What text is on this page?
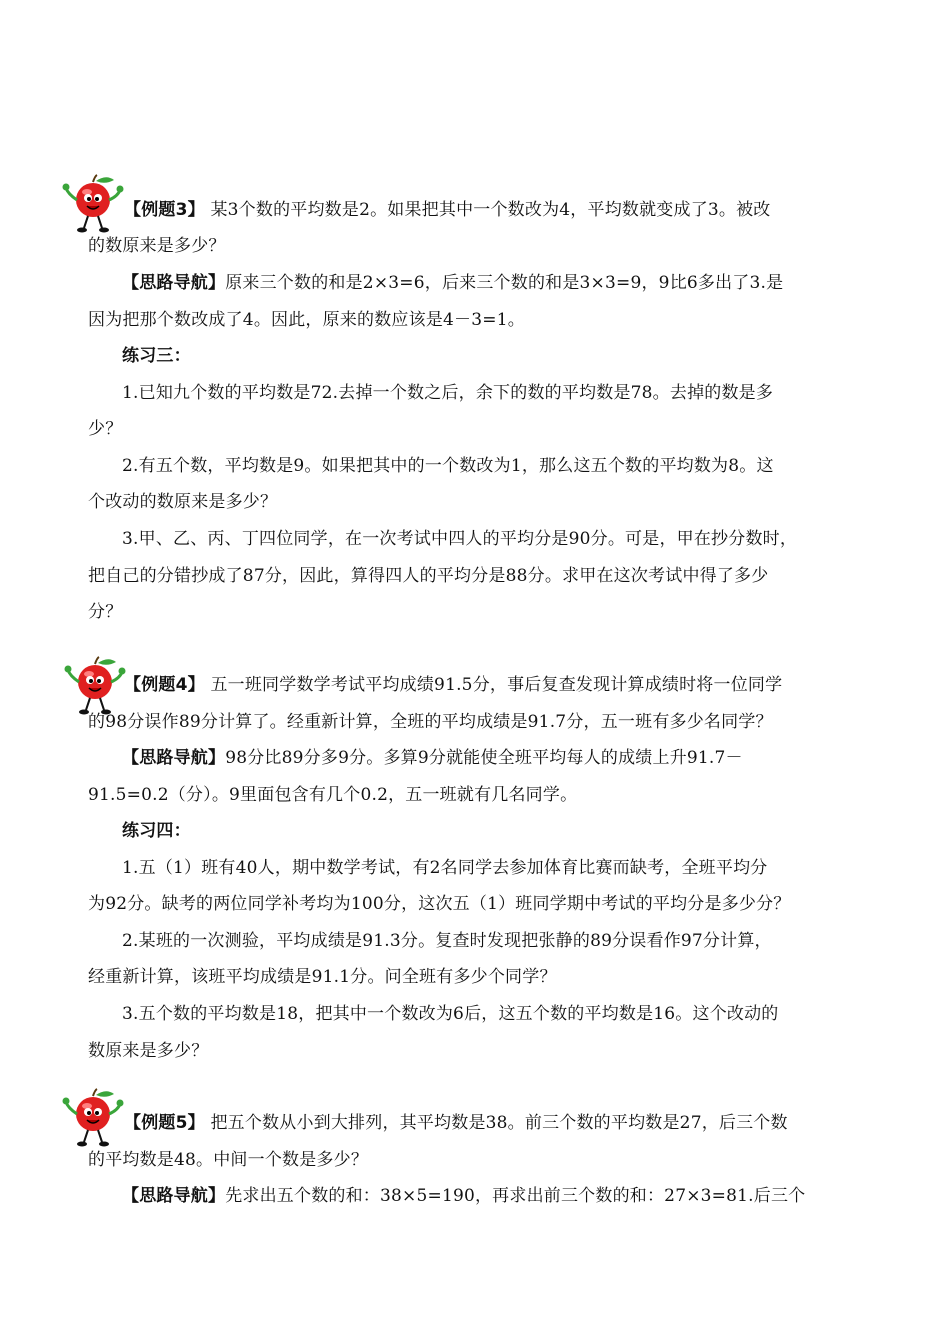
【例题3】 某3个数的平均数是2。如果把其中一个数改为4，平均数就变成了3。被改
的数原来是多少？
【思路导航】原来三个数的和是2×3=6，后来三个数的和是3×3=9，9比6多出了3.是
因为把那个数改成了4。因此，原来的数应该是4－3=1。
练习三：
1.已知九个数的平均数是72.去掉一个数之后，余下的数的平均数是78。去掉的数是多
少？
2.有五个数，平均数是9。如果把其中的一个数改为1，那么这五个数的平均数为8。这
个改动的数原来是多少？
3.甲、乙、丙、丁四位同学，在一次考试中四人的平均分是90分。可是，甲在抄分数时，
把自己的分错抄成了87分，因此，算得四人的平均分是88分。求甲在这次考试中得了多少
分？
【例题4】 五一班同学数学考试平均成绩91.5分，事后复查发现计算成绩时将一位同学
的98分误作89分计算了。经重新计算，全班的平均成绩是91.7分，五一班有多少名同学？
【思路导航】98分比89分多9分。多算9分就能使全班平均每人的成绩上升91.7－
91.5=0.2（分）。9里面包含有几个0.2，五一班就有几名同学。
练习四：
1.五（1）班有40人，期中数学考试，有2名同学去参加体育比赛而缺考，全班平均分
为92分。缺考的两位同学补考均为100分，这次五（1）班同学期中考试的平均分是多少分？
2.某班的一次测验，平均成绩是91.3分。复查时发现把张静的89分误看作97分计算，
经重新计算，该班平均成绩是91.1分。问全班有多少个同学？
3.五个数的平均数是18，把其中一个数改为6后，这五个数的平均数是16。这个改动的
数原来是多少？
【例题5】 把五个数从小到大排列，其平均数是38。前三个数的平均数是27，后三个数
的平均数是48。中间一个数是多少？
【思路导航】先求出五个数的和：38×5=190，再求出前三个数的和：27×3=81.后三个
